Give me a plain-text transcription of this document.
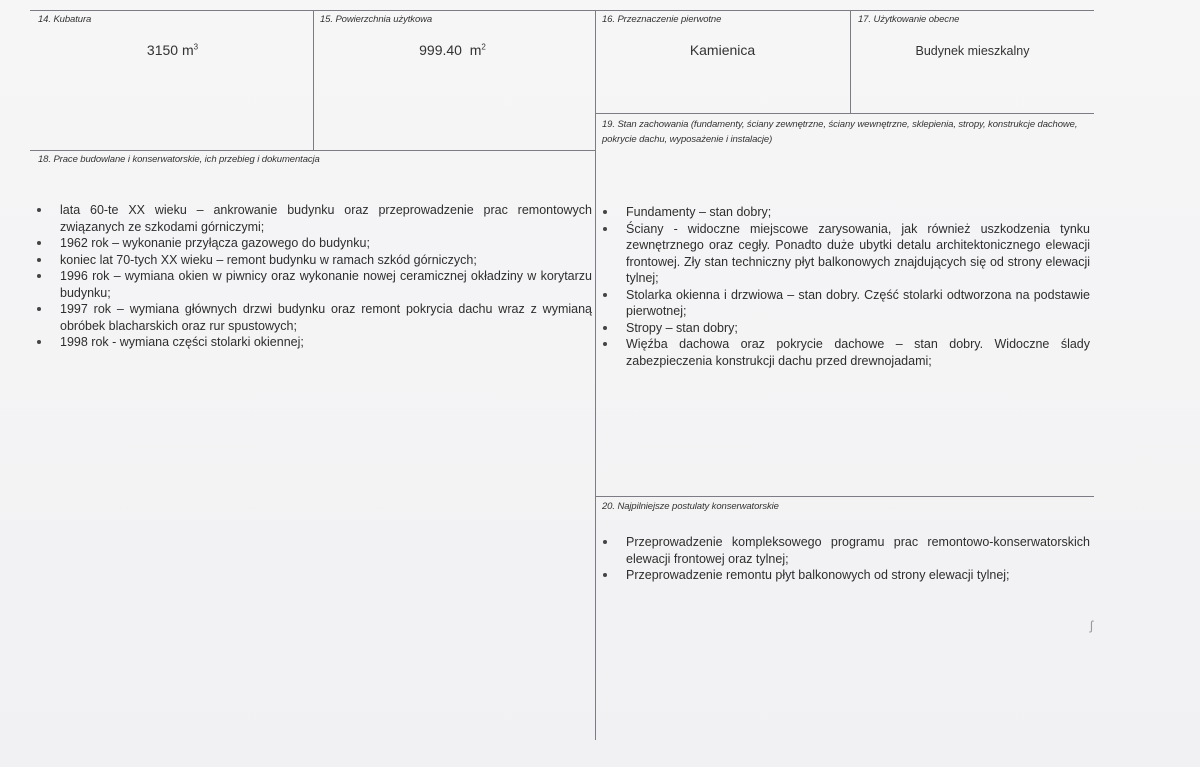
14. Kubatura
3150 $m^3$
15. Powierzchnia użytkowa
999.40  $m^2$
16. Przeznaczenie pierwotne
Kamienica
17. Użytkowanie obecne
Budynek mieszkalny
19. Stan zachowania (fundamenty, ściany zewnętrzne, ściany wewnętrzne, sklepienia, stropy, konstrukcje dachowe, pokrycie dachu, wyposażenie i instalacje)
18. Prace budowlane i konserwatorskie, ich przebieg i dokumentacja
lata 60-te XX wieku – ankrowanie budynku oraz przeprowadzenie prac remontowych związanych ze szkodami górniczymi;
1962 rok – wykonanie przyłącza gazowego do budynku;
koniec lat 70-tych XX wieku – remont budynku w ramach szkód górniczych;
1996 rok – wymiana okien w piwnicy oraz wykonanie nowej ceramicznej okładziny w korytarzu budynku;
1997 rok – wymiana głównych drzwi budynku oraz remont pokrycia dachu wraz z wymianą obróbek blacharskich oraz rur spustowych;
1998 rok - wymiana części stolarki okiennej;
Fundamenty – stan dobry;
Ściany - widoczne miejscowe zarysowania, jak również uszkodzenia tynku zewnętrznego oraz cegły. Ponadto duże ubytki detalu architektonicznego elewacji frontowej. Zły stan techniczny płyt balkonowych znajdujących się od strony elewacji tylnej;
Stolarka okienna i drzwiowa – stan dobry. Część stolarki odtworzona na podstawie pierwotnej;
Stropy – stan dobry;
Więźba dachowa oraz pokrycie dachowe – stan dobry. Widoczne ślady zabezpieczenia konstrukcji dachu przed drewnojadami;
20. Najpilniejsze postulaty konserwatorskie
Przeprowadzenie kompleksowego programu prac remontowo-konserwatorskich elewacji frontowej oraz tylnej;
Przeprowadzenie remontu płyt balkonowych od strony elewacji tylnej;
ʃ
